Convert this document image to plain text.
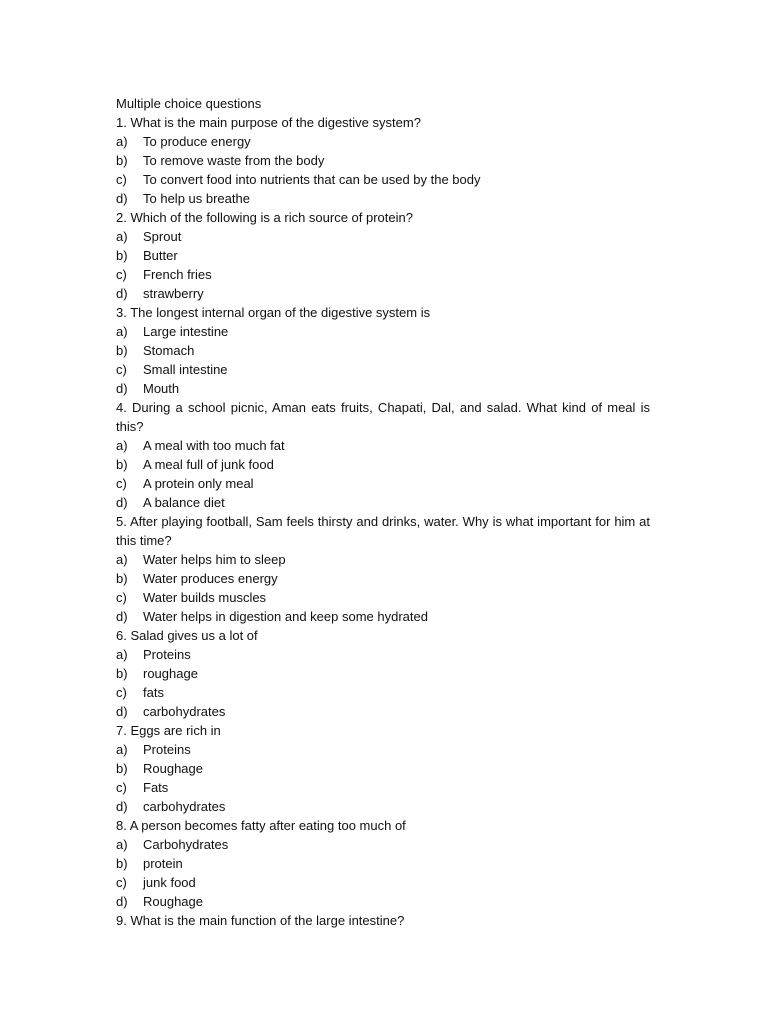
Multiple choice questions

1. What is the main purpose of the digestive system?

a) To produce energy

b) To remove waste from the body

c) To convert food into nutrients that can be used by the body

d) To help us breathe

2. Which of the following is a rich source of protein?

a) Sprout

b) Butter

c) French fries

d) strawberry

3. The longest internal organ of the digestive system is

a) Large intestine

b) Stomach

c) Small intestine

d) Mouth

4. During a school picnic, Aman eats fruits, Chapati, Dal, and salad. What kind of meal is this?

a) A meal with too much fat

b) A meal full of junk food

c) A protein only meal

d) A balance diet

5. After playing football, Sam feels thirsty and drinks, water. Why is what important for him at this time?

a) Water helps him to sleep

b) Water produces energy

c) Water builds muscles

d) Water helps in digestion and keep some hydrated

6. Salad gives us a lot of

a) Proteins

b) roughage

c) fats

d) carbohydrates

7. Eggs are rich in

a) Proteins

b) Roughage

c) Fats

d) carbohydrates

8. A person becomes fatty after eating too much of

a) Carbohydrates

b) protein

c) junk food

d) Roughage

9. What is the main function of the large intestine?
